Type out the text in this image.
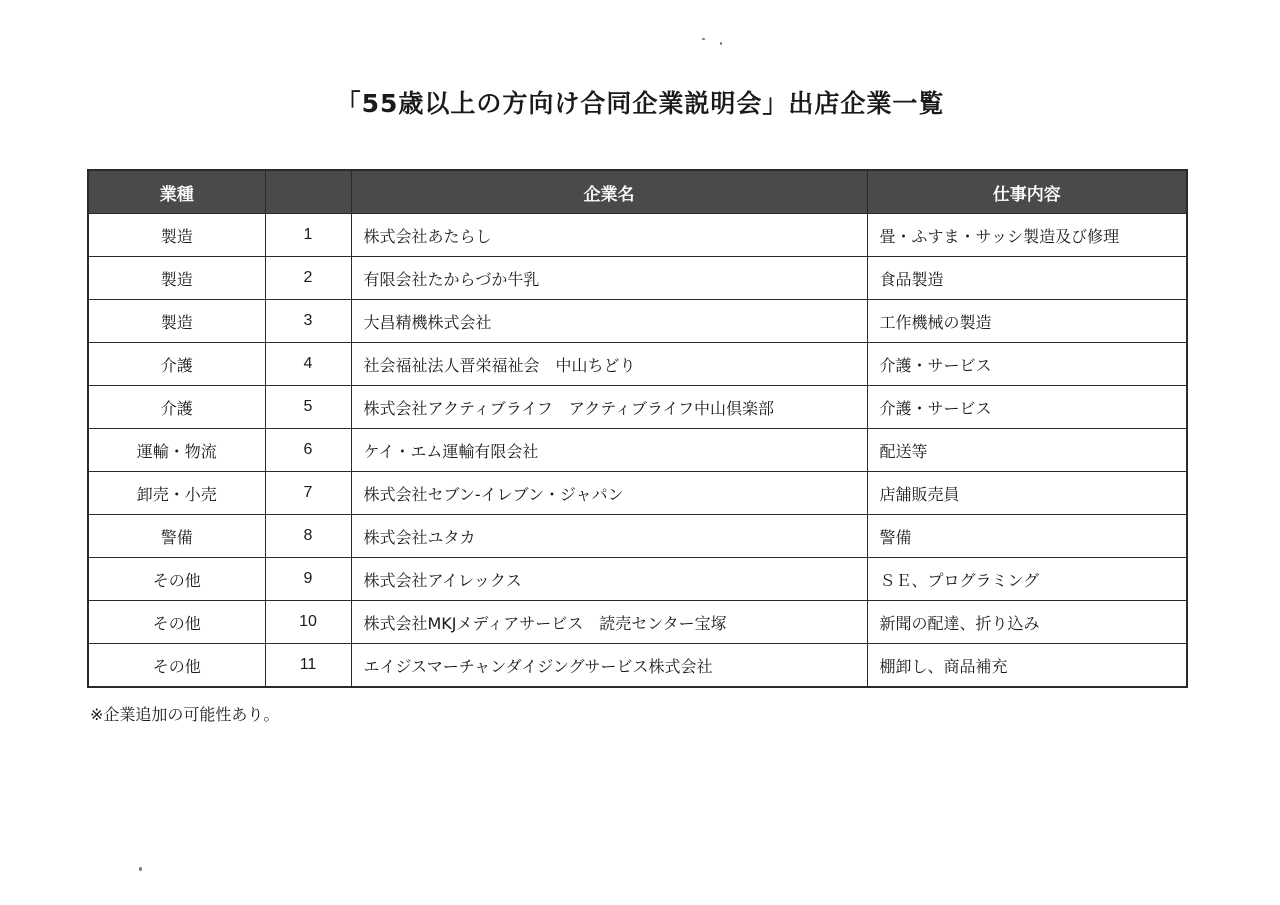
「55歳以上の方向け合同企業説明会」出店企業一覧
業種		企業名	仕事内容
製造	1	株式会社あたらし	畳・ふすま・サッシ製造及び修理
製造	2	有限会社たからづか牛乳	食品製造
製造	3	大昌精機株式会社	工作機械の製造
介護	4	社会福祉法人晋栄福祉会　中山ちどり	介護・サービス
介護	5	株式会社アクティブライフ　アクティブライフ中山倶楽部	介護・サービス
運輸・物流	6	ケイ・エム運輸有限会社	配送等
卸売・小売	7	株式会社セブン‐イレブン・ジャパン	店舗販売員
警備	8	株式会社ユタカ	警備
その他	9	株式会社アイレックス	ＳＥ、プログラミング
その他	10	株式会社MKJメディアサービス　読売センター宝塚	新聞の配達、折り込み
その他	11	エイジスマーチャンダイジングサービス株式会社	棚卸し、商品補充
※企業追加の可能性あり。
